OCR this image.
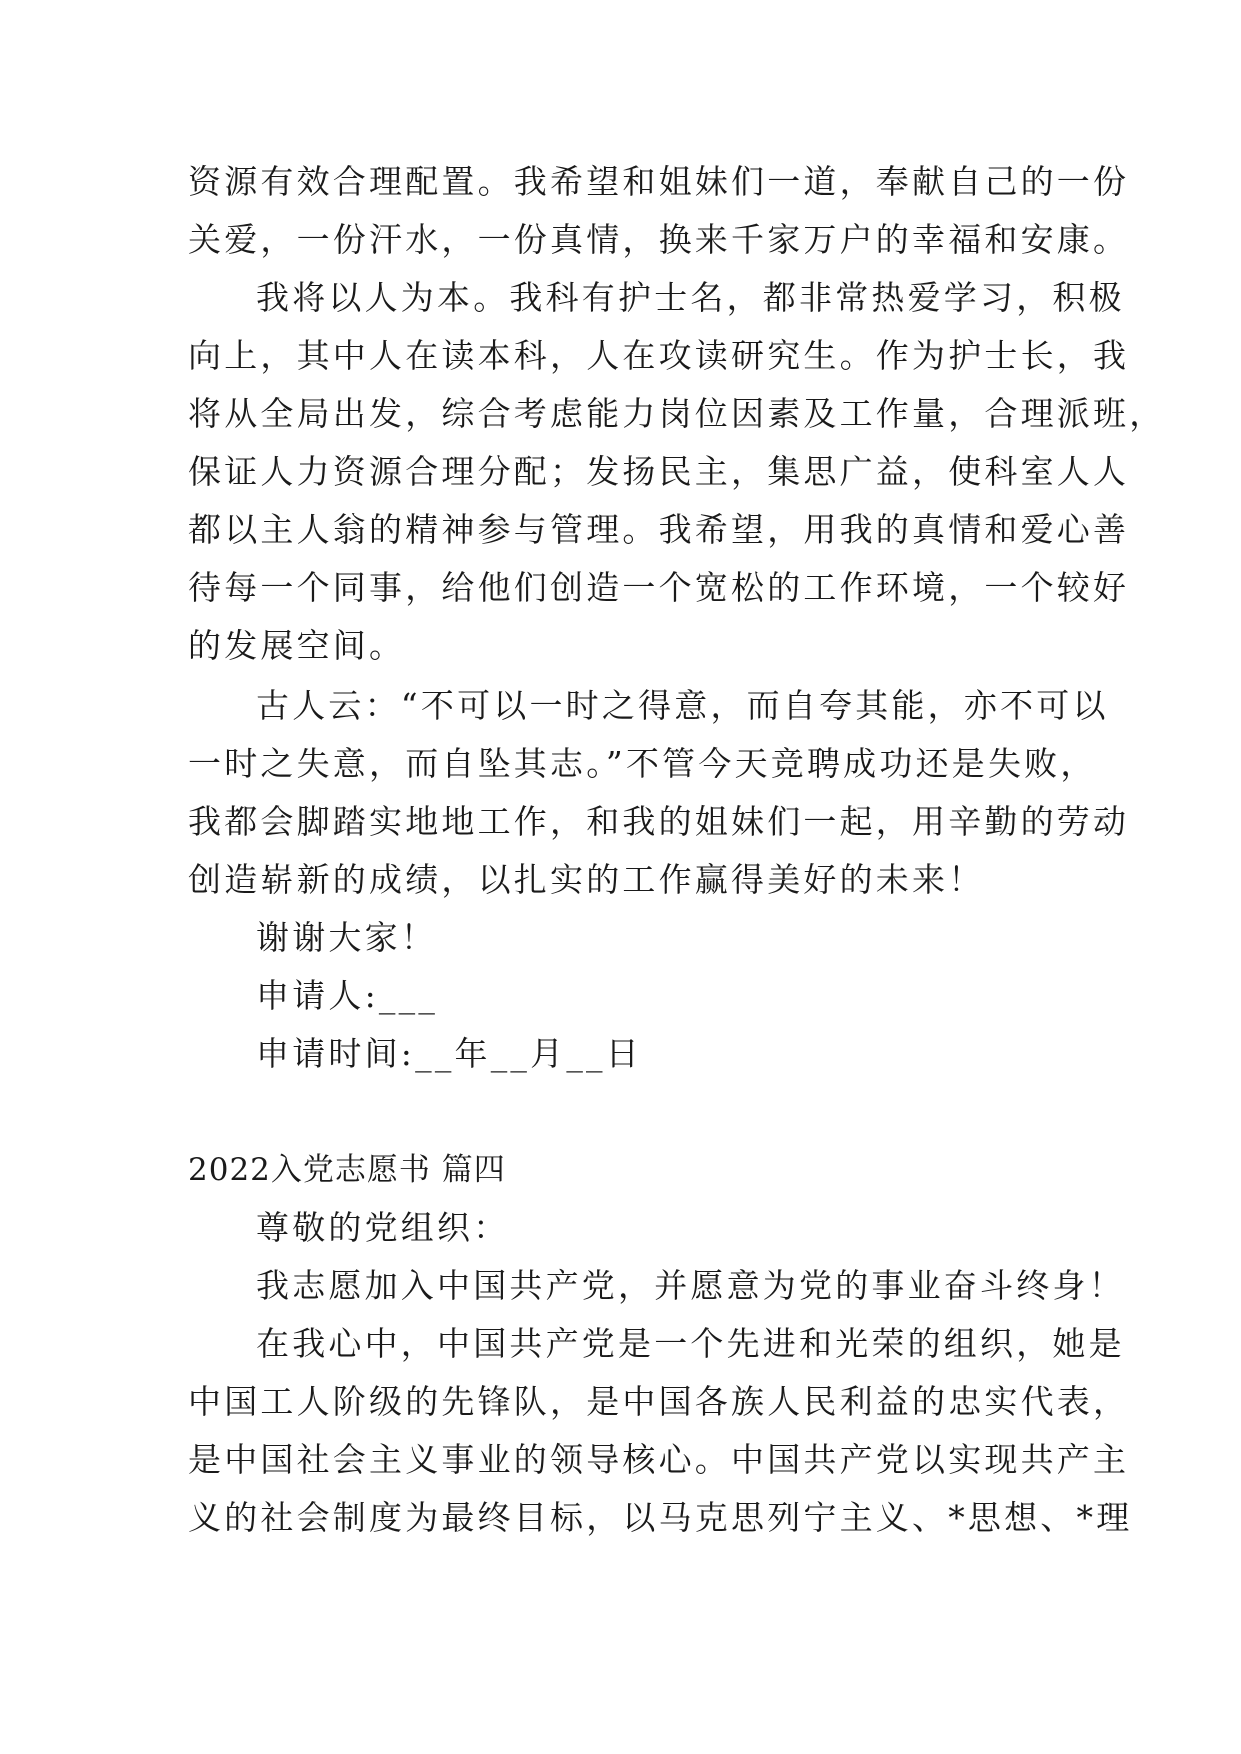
资源有效合理配置。我希望和姐妹们一道，奉献自己的一份
关爱，一份汗水，一份真情，换来千家万户的幸福和安康。
我将以人为本。我科有护士名，都非常热爱学习，积极
向上，其中人在读本科，人在攻读研究生。作为护士长，我
将从全局出发，综合考虑能力岗位因素及工作量，合理派班，
保证人力资源合理分配；发扬民主，集思广益，使科室人人
都以主人翁的精神参与管理。我希望，用我的真情和爱心善
待每一个同事，给他们创造一个宽松的工作环境，一个较好
的发展空间。
古人云：“不可以一时之得意，而自夸其能，亦不可以
一时之失意，而自坠其志。”不管今天竞聘成功还是失败，
我都会脚踏实地地工作，和我的姐妹们一起，用辛勤的劳动
创造崭新的成绩，以扎实的工作赢得美好的未来！
谢谢大家！
申请人:___
申请时间:__年__月__日
2022入党志愿书 篇四
尊敬的党组织：
我志愿加入中国共产党，并愿意为党的事业奋斗终身！
在我心中，中国共产党是一个先进和光荣的组织，她是
中国工人阶级的先锋队，是中国各族人民利益的忠实代表，
是中国社会主义事业的领导核心。中国共产党以实现共产主
义的社会制度为最终目标，以马克思列宁主义、*思想、*理
